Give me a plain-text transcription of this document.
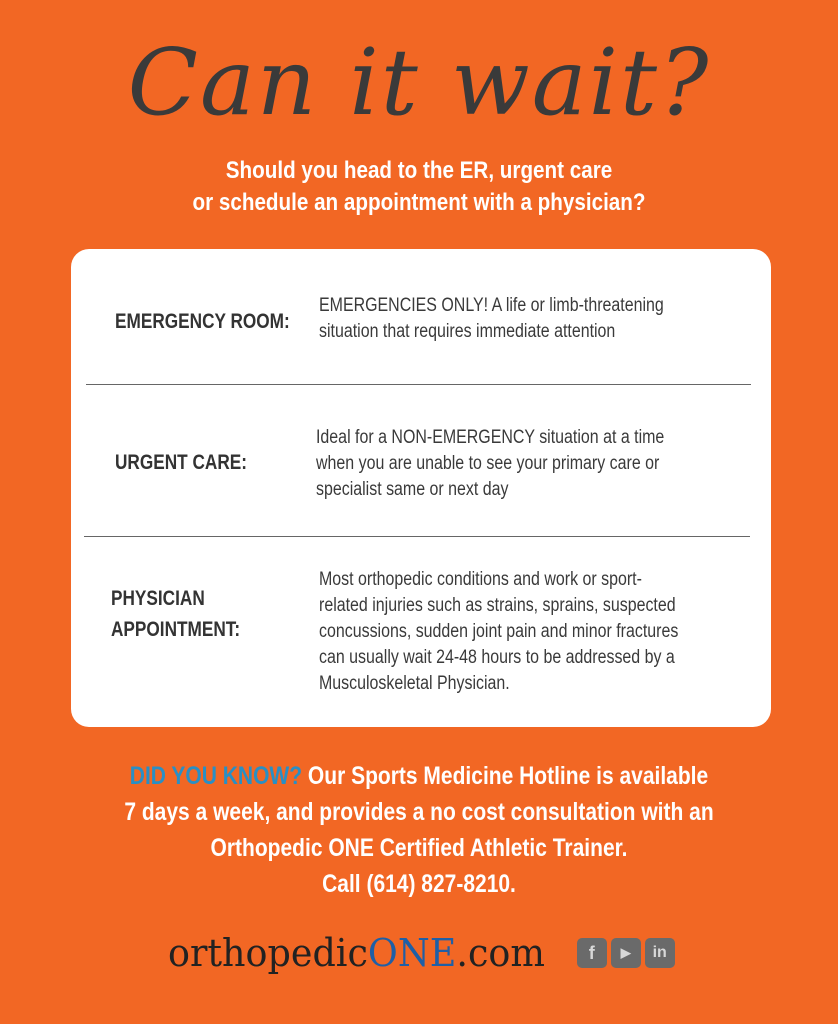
Can it wait?
Should you head to the ER, urgent care
or schedule an appointment with a physician?
EMERGENCY ROOM:
EMERGENCIES ONLY! A life or limb-threatening
situation that requires immediate attention
URGENT CARE:
Ideal for a NON-EMERGENCY situation at a time
when you are unable to see your primary care or
specialist same or next day
PHYSICIAN
APPOINTMENT:
Most orthopedic conditions and work or sport-
related injuries such as strains, sprains, suspected
concussions, sudden joint pain and minor fractures
can usually wait 24-48 hours to be addressed by a
Musculoskeletal Physician.
DID YOU KNOW? Our Sports Medicine Hotline is available
7 days a week, and provides a no cost consultation with an
Orthopedic ONE Certified Athletic Trainer.
Call (614) 827-8210.
orthopedicONE.com	f	▶	in
